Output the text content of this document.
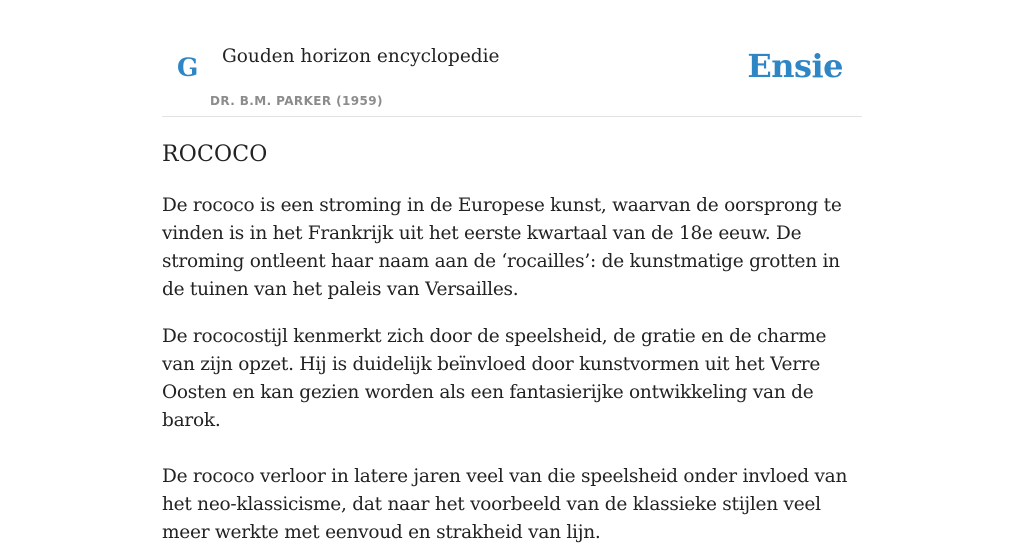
G Gouden horizon encyclopedie
DR. B.M. PARKER (1959)
Ensie
ROCOCO

De rococo is een stroming in de Europese kunst, waarvan de oorsprong te vinden is in het Frankrijk uit het eerste kwartaal van de 18e eeuw. De stroming ontleent haar naam aan de ‘rocailles’: de kunstmatige grotten in de tuinen van het paleis van Versailles.

De rococostijl kenmerkt zich door de speelsheid, de gratie en de charme van zijn opzet. Hij is duidelijk beïnvloed door kunstvormen uit het Verre Oosten en kan gezien worden als een fantasierijke ontwikkeling van de barok.

De rococo verloor in latere jaren veel van die speelsheid onder invloed van het neo-klassicisme, dat naar het voorbeeld van de klassieke stijlen veel meer werkte met eenvoud en strakheid van lijn.
